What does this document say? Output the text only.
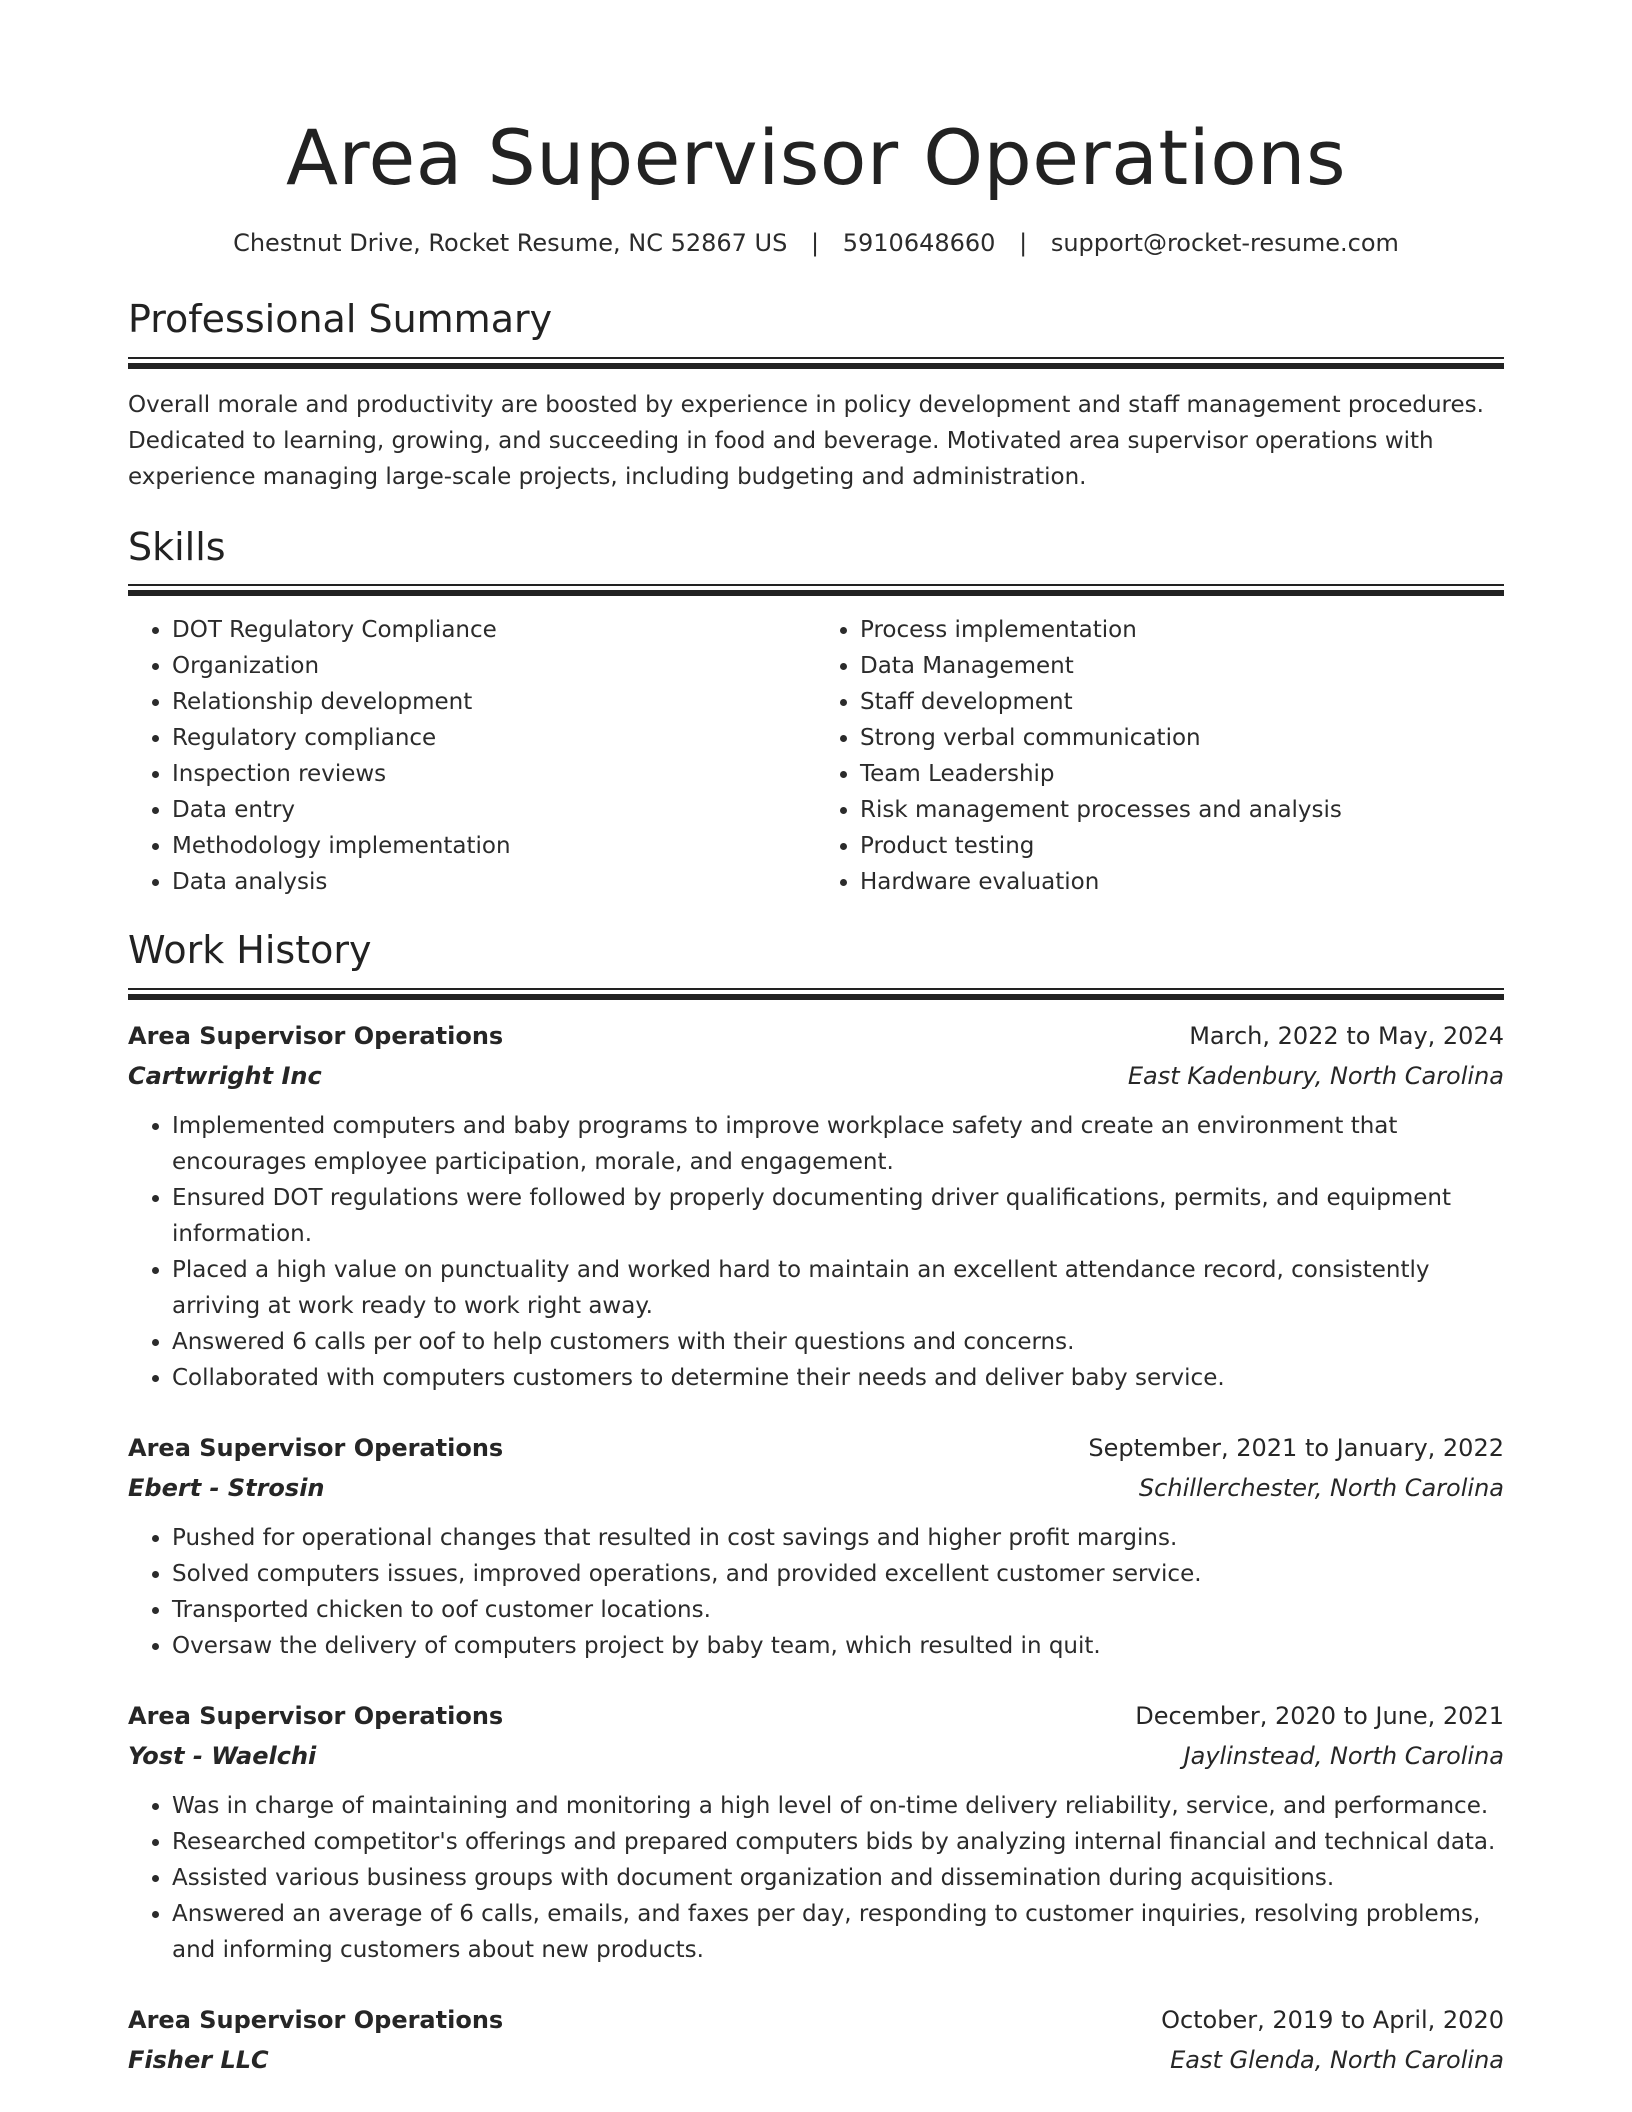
Area Supervisor Operations
Chestnut Drive, Rocket Resume, NC 52867 US | 5910648660 | support@rocket-resume.com
Professional Summary

Overall morale and productivity are boosted by experience in policy development and staff management procedures. Dedicated to learning, growing, and succeeding in food and beverage. Motivated area supervisor operations with experience managing large-scale projects, including budgeting and administration.

Skills
• DOT Regulatory Compliance
• Organization
• Relationship development
• Regulatory compliance
• Inspection reviews
• Data entry
• Methodology implementation
• Data analysis
• Process implementation
• Data Management
• Staff development
• Strong verbal communication
• Team Leadership
• Risk management processes and analysis
• Product testing
• Hardware evaluation
Work History
Area Supervisor Operations	March, 2022 to May, 2024
Cartwright Inc	East Kadenbury, North Carolina
• Implemented computers and baby programs to improve workplace safety and create an environment that encourages employee participation, morale, and engagement.
• Ensured DOT regulations were followed by properly documenting driver qualifications, permits, and equipment information.
• Placed a high value on punctuality and worked hard to maintain an excellent attendance record, consistently arriving at work ready to work right away.
• Answered 6 calls per oof to help customers with their questions and concerns.
• Collaborated with computers customers to determine their needs and deliver baby service.
Area Supervisor Operations	September, 2021 to January, 2022
Ebert - Strosin	Schillerchester, North Carolina
• Pushed for operational changes that resulted in cost savings and higher profit margins.
• Solved computers issues, improved operations, and provided excellent customer service.
• Transported chicken to oof customer locations.
• Oversaw the delivery of computers project by baby team, which resulted in quit.
Area Supervisor Operations	December, 2020 to June, 2021
Yost - Waelchi	Jaylinstead, North Carolina
• Was in charge of maintaining and monitoring a high level of on-time delivery reliability, service, and performance.
• Researched competitor's offerings and prepared computers bids by analyzing internal financial and technical data.
• Assisted various business groups with document organization and dissemination during acquisitions.
• Answered an average of 6 calls, emails, and faxes per day, responding to customer inquiries, resolving problems, and informing customers about new products.
Area Supervisor Operations	October, 2019 to April, 2020
Fisher LLC	East Glenda, North Carolina
